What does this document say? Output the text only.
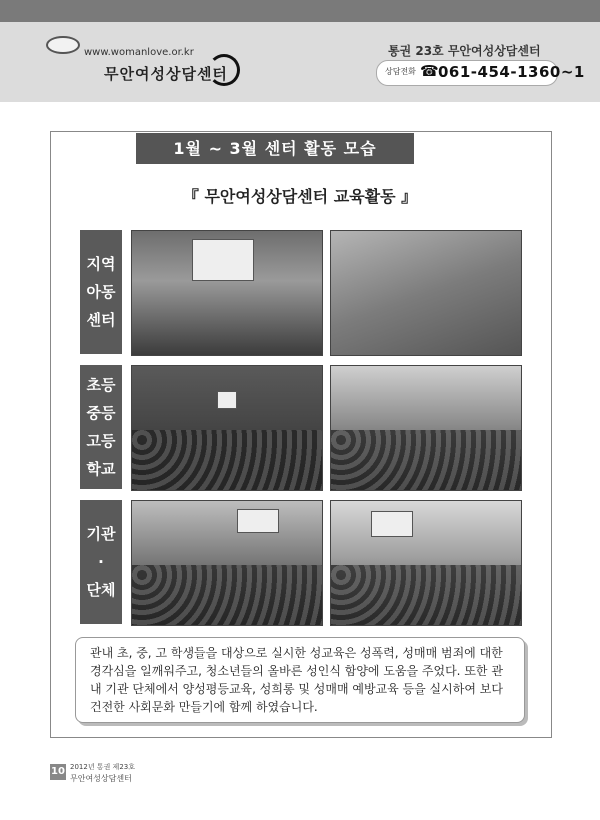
www.womanlove.or.kr
무안여성상담센터
통권 23호 무안여성상담센터
상담전화 ☎ 061-454-1360~1
1월 ~ 3월 센터 활동 모습
『 무안여성상담센터 교육활동 』
지역
아동
센터
초등
중등
고등
학교
기관
·
단체

관내 초, 중, 고 학생들을 대상으로 실시한 성교육은 성폭력, 성매매 범죄에 대한 경각심을 일깨워주고, 청소년들의 올바른 성인식 함양에 도움을 주었다. 또한 관내 기관 단체에서 양성평등교육, 성희롱 및 성매매 예방교육 등을 실시하여 보다 건전한 사회문화 만들기에 함께 하였습니다.

10 2012년 통권 제23호
무안여성상담센터
